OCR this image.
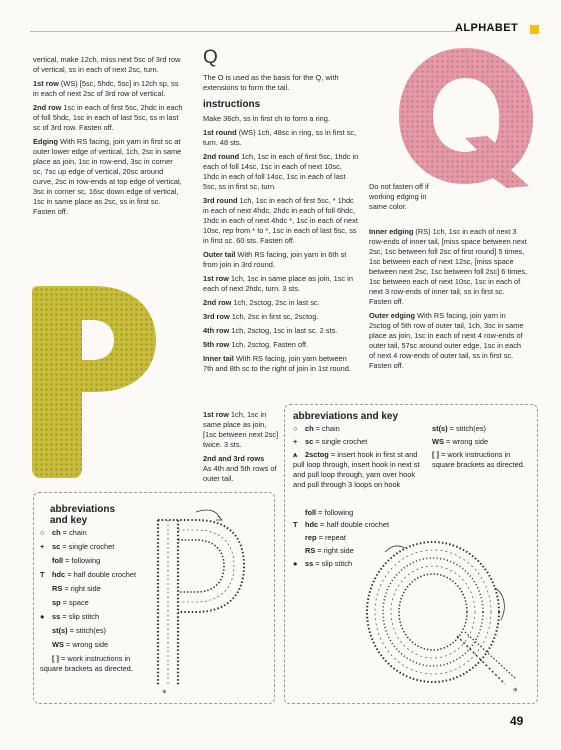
ALPHABET

vertical, make 12ch, miss next 5sc of 3rd row of vertical, ss in each of next 2sc, turn.

1st row (WS) [5sc, 5hdc, 5sc] in 12ch sp, ss in each of next 2sc of 3rd row of vertical.

2nd row 1sc in each of first 5sc, 2hdc in each of foll 5hdc, 1sc in each of last 5sc, ss in last sc of 3rd row. Fasten off.

Edging With RS facing, join yarn in first sc at outer lower edge of vertical, 1ch, 2sc in same place as join, 1sc in row-end, 3sc in corner sc, 7sc up edge of vertical, 20sc around curve, 2sc in row-ends at top edge of vertical, 3sc in corner sc, 16sc down edge of vertical, 1sc in same place as 2sc, ss in first sc. Fasten off.

Q

The O is used as the basis for the Q, with extensions to form the tail.

instructions

Make 36ch, ss in first ch to form a ring.

1st round (WS) 1ch, 48sc in ring, ss in first sc, turn. 48 sts.

2nd round 1ch, 1sc in each of first 5sc, 1hdc in each of foll 14sc, 1sc in each of next 10sc, 1hdc in each of foll 14sc, 1sc in each of last 5sc, ss in first sc, turn.

3rd round 1ch, 1sc in each of first 5sc, * 1hdc in each of next 4hdc, 2hdc in each of foll 6hdc, 1hdc in each of next 4hdc *, 1sc in each of next 10sc, rep from * to *, 1sc in each of last 5sc, ss in first sc. 60 sts. Fasten off.

Outer tail With RS facing, join yarn in 6th st from join in 3rd round.

1st row 1ch, 1sc in same place as join, 1sc in each of next 2hdc, turn. 3 sts.

2nd row 1ch, 2sctog, 2sc in last sc.

3rd row 1ch, 2sc in first sc, 2sctog.

4th row 1ch, 2sctog, 1sc in last sc. 2 sts.

5th row 1ch, 2sctog. Fasten off.

Inner tail With RS facing, join yarn between 7th and 8th sc to the right of join in 1st round.

1st row 1ch, 1sc in same place as join, [1sc between next 2sc] twice. 3 sts.

2nd and 3rd rows
As 4th and 5th rows of outer tail.

Do not fasten off if working edging in same color.

Inner edging (RS) 1ch, 1sc in each of next 3 row-ends of inner tail, [miss space between next 2sc, 1sc between foll 2sc of first round] 5 times, 1sc between each of next 12sc, [miss space between next 2sc, 1sc between foll 2sc] 6 times, 1sc between each of next 10sc, 1sc in each of next 3 row-ends of inner tail, ss in first sc. Fasten off.

Outer edging With RS facing, join yarn in 2sctog of 5th row of outer tail, 1ch, 3sc in same place as join, 1sc in each of next 4 row-ends of outer tail, 57sc around outer edge, 1sc in each of next 4 row-ends of outer tail, ss in first sc. Fasten off.

abbreviations and key
○ ch = chain
+ sc = single crochet
⩚ 2sctog = insert hook in first st and pull loop through, insert hook in next st and pull loop through, yarn over hook and pull through 3 loops on hook
foll = following
T hdc = half double crochet
rep = repeat
RS = right side
● ss = slip stitch
st(s) = stitch(es)
WS = wrong side
[ ] = work instructions in square brackets as directed.
*
abbreviations
and key
○ ch = chain
+ sc = single crochet
foll = following
T hdc = half double crochet
RS = right side
sp = space
● ss = slip stitch
st(s) = stitch(es)
WS = wrong side
[ ] = work instructions in square brackets as directed.
*
49
